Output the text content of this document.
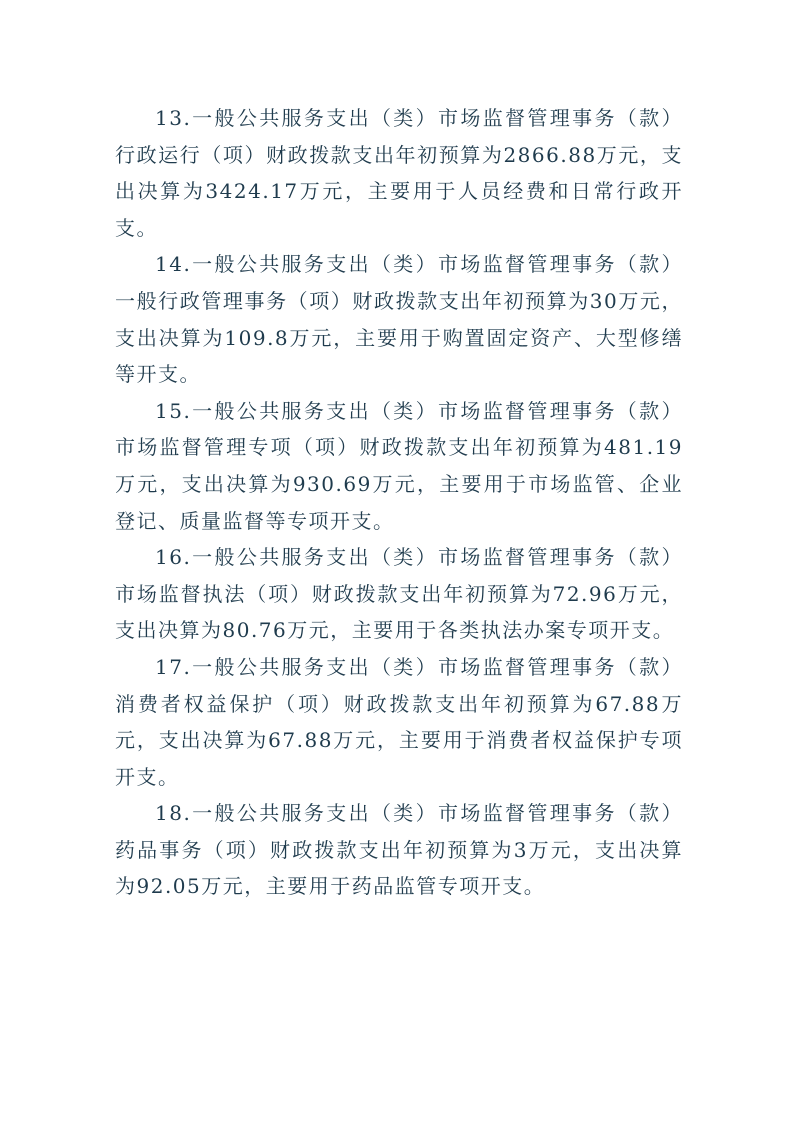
13.一般公共服务支出（类）市场监督管理事务（款）行政运行（项）财政拨款支出年初预算为2866.88万元，支出决算为3424.17万元，主要用于人员经费和日常行政开支。

14.一般公共服务支出（类）市场监督管理事务（款）一般行政管理事务（项）财政拨款支出年初预算为30万元，支出决算为109.8万元，主要用于购置固定资产、大型修缮等开支。

15.一般公共服务支出（类）市场监督管理事务（款）市场监督管理专项（项）财政拨款支出年初预算为481.19万元，支出决算为930.69万元，主要用于市场监管、企业登记、质量监督等专项开支。

16.一般公共服务支出（类）市场监督管理事务（款）市场监督执法（项）财政拨款支出年初预算为72.96万元，支出决算为80.76万元，主要用于各类执法办案专项开支。

17.一般公共服务支出（类）市场监督管理事务（款）消费者权益保护（项）财政拨款支出年初预算为67.88万元，支出决算为67.88万元，主要用于消费者权益保护专项开支。

18.一般公共服务支出（类）市场监督管理事务（款）药品事务（项）财政拨款支出年初预算为3万元，支出决算为92.05万元，主要用于药品监管专项开支。
